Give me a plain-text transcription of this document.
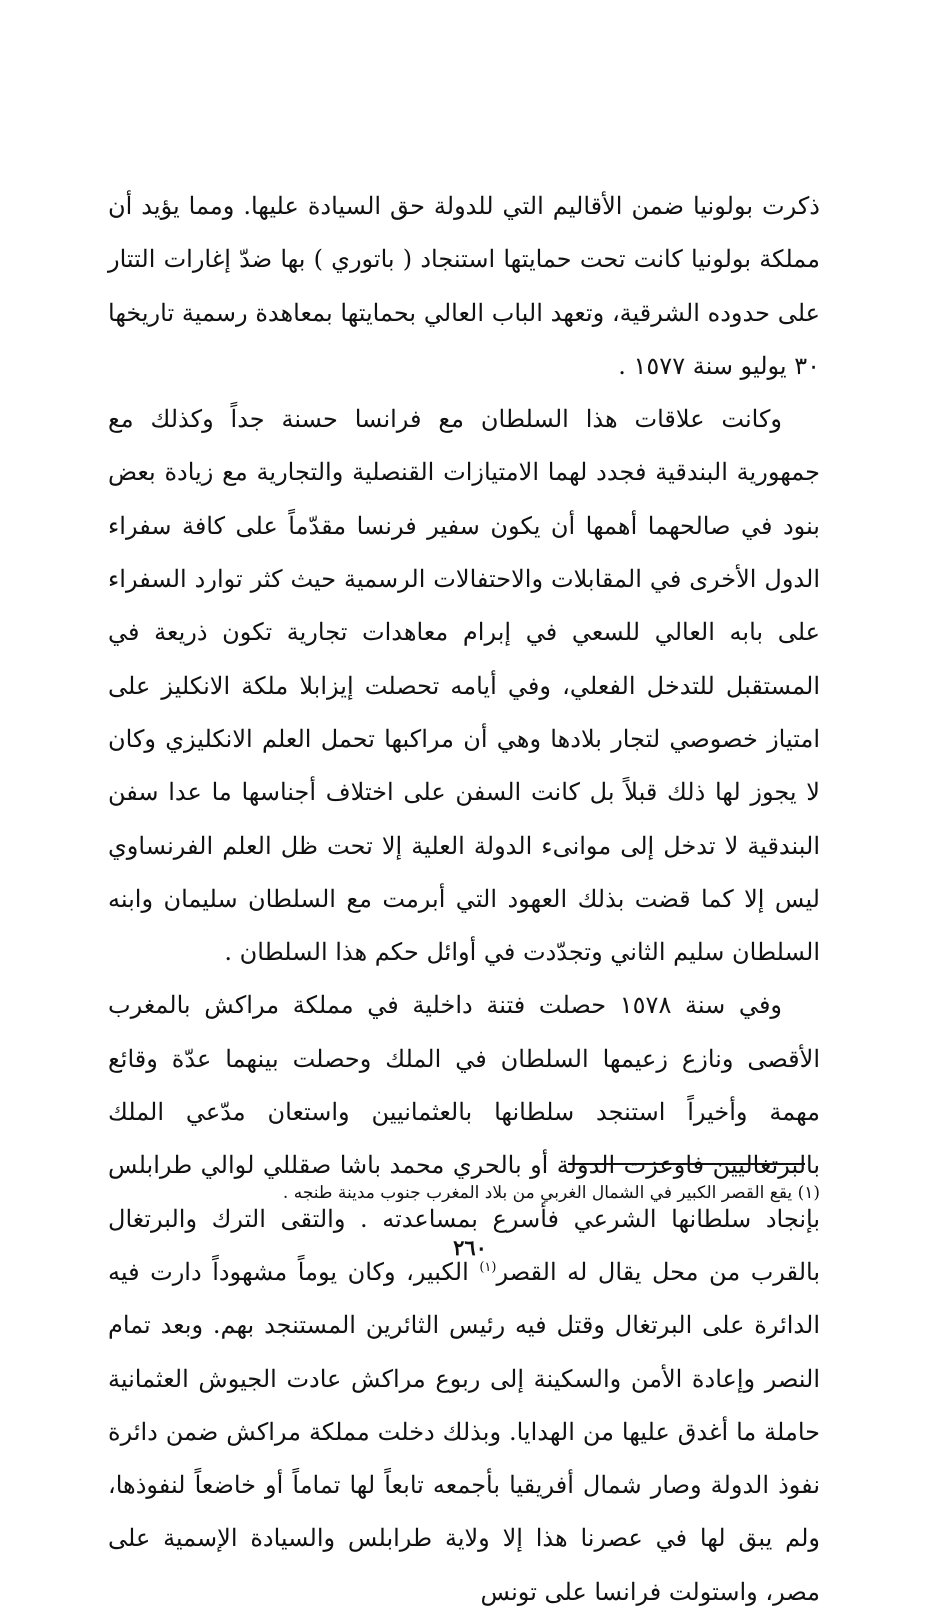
ذكرت بولونيا ضمن الأقاليم التي للدولة حق السيادة عليها. ومما يؤيد أن مملكة بولونيا كانت تحت حمايتها استنجاد ( باتوري ) بها ضدّ إغارات التتار على حدوده الشرقية، وتعهد الباب العالي بحمايتها بمعاهدة رسمية تاريخها ٣٠ يوليو سنة ١٥٧٧ .

وكانت علاقات هذا السلطان مع فرانسا حسنة جداً وكذلك مع جمهورية البندقية فجدد لهما الامتيازات القنصلية والتجارية مع زيادة بعض بنود في صالحهما أهمها أن يكون سفير فرنسا مقدّماً على كافة سفراء الدول الأخرى في المقابلات والاحتفالات الرسمية حيث كثر توارد السفراء على بابه العالي للسعي في إبرام معاهدات تجارية تكون ذريعة في المستقبل للتدخل الفعلي، وفي أيامه تحصلت إيزابلا ملكة الانكليز على امتياز خصوصي لتجار بلادها وهي أن مراكبها تحمل العلم الانكليزي وكان لا يجوز لها ذلك قبلاً بل كانت السفن على اختلاف أجناسها ما عدا سفن البندقية لا تدخل إلى موانىء الدولة العلية إلا تحت ظل العلم الفرنساوي ليس إلا كما قضت بذلك العهود التي أبرمت مع السلطان سليمان وابنه السلطان سليم الثاني وتجدّدت في أوائل حكم هذا السلطان .

وفي سنة ١٥٧٨ حصلت فتنة داخلية في مملكة مراكش بالمغرب الأقصى ونازع زعيمها السلطان في الملك وحصلت بينهما عدّة وقائع مهمة وأخيراً استنجد سلطانها بالعثمانيين واستعان مدّعي الملك بالبرتغاليين فاوعزت الدولة أو بالحري محمد باشا صقللي لوالي طرابلس بإنجاد سلطانها الشرعي فأسرع بمساعدته . والتقى الترك والبرتغال بالقرب من محل يقال له القصر$^{(١)}$ الكبير، وكان يوماً مشهوداً دارت فيه الدائرة على البرتغال وقتل فيه رئيس الثائرين المستنجد بهم. وبعد تمام النصر وإعادة الأمن والسكينة إلى ربوع مراكش عادت الجيوش العثمانية حاملة ما أغدق عليها من الهدايا. وبذلك دخلت مملكة مراكش ضمن دائرة نفوذ الدولة وصار شمال أفريقيا بأجمعه تابعاً لها تماماً أو خاضعاً لنفوذها، ولم يبق لها في عصرنا هذا إلا ولاية طرابلس والسيادة الإسمية على مصر، واستولت فرانسا على تونس

(١) يقع القصر الكبير في الشمال الغربي من بلاد المغرب جنوب مدينة طنجه .
٢٦٠
